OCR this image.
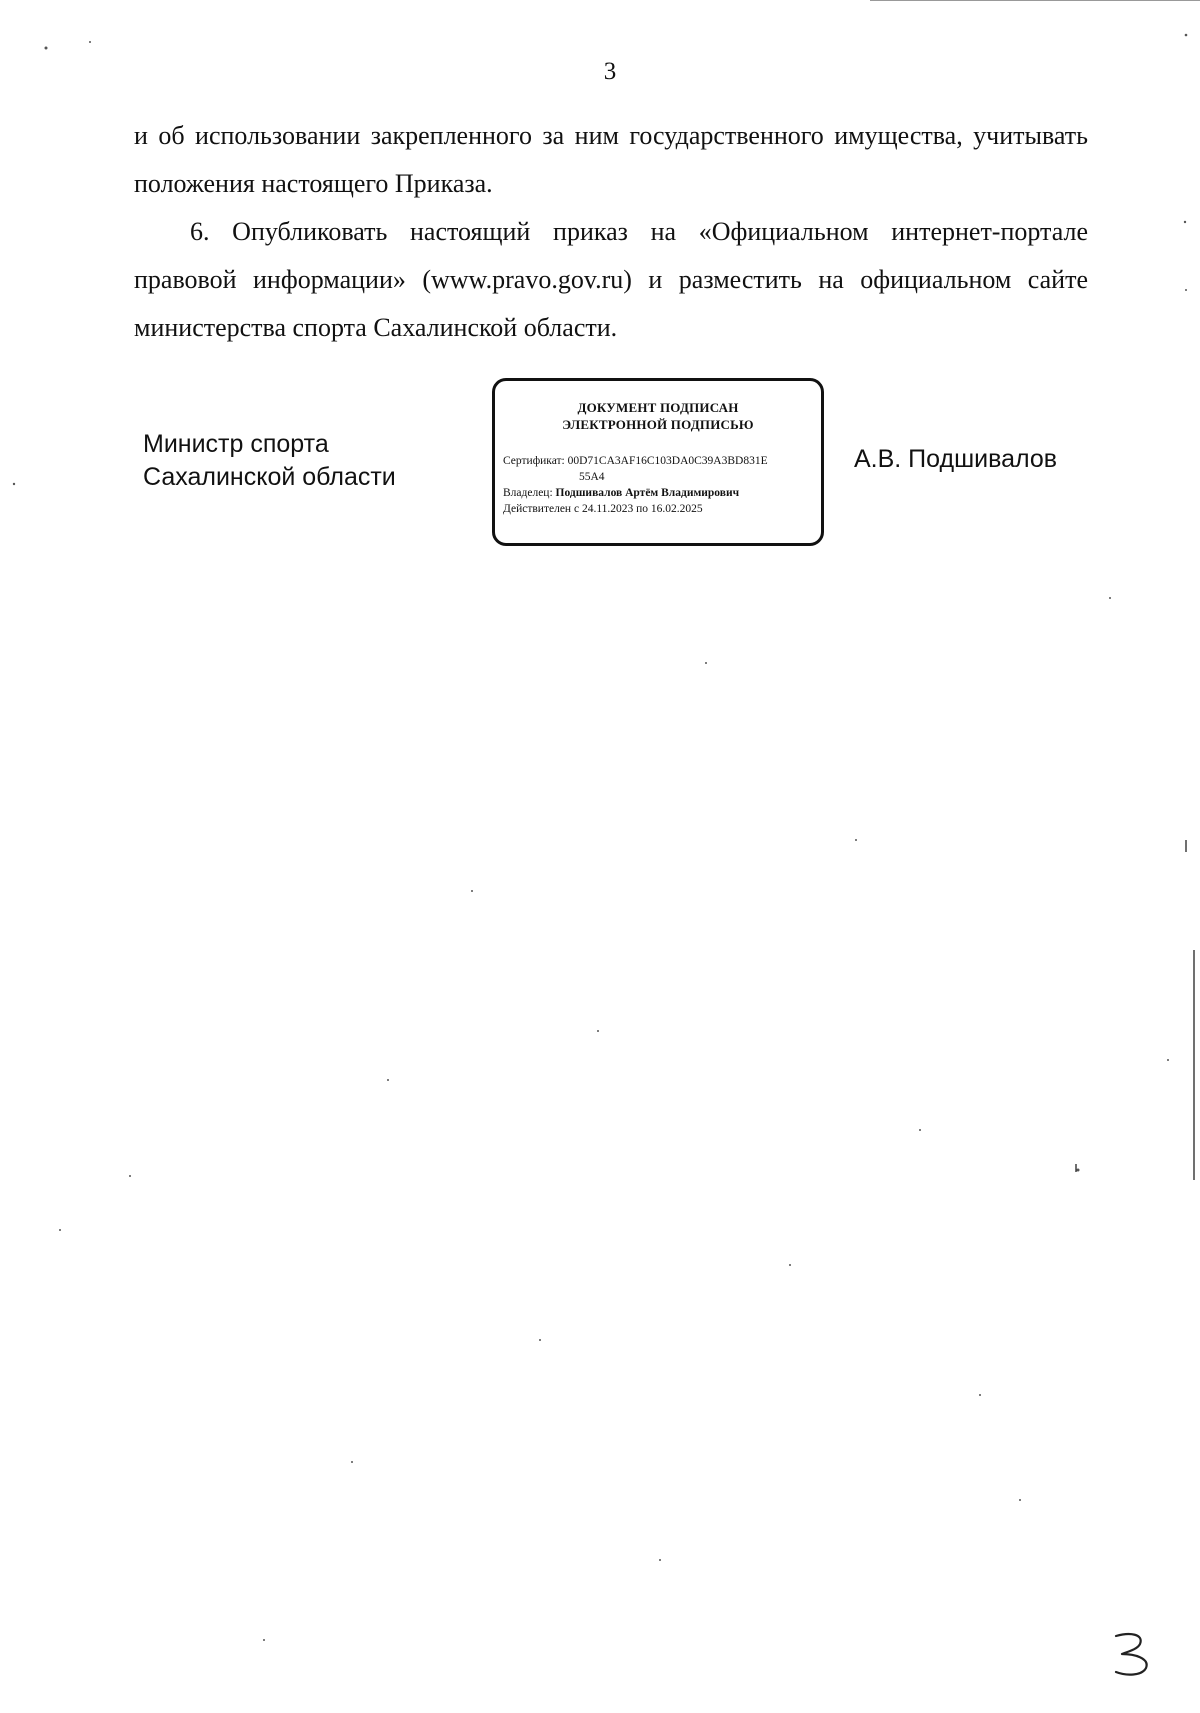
3

и об использовании закрепленного за ним государственного имущества, учитывать положения настоящего Приказа.

6. Опубликовать настоящий приказ на «Официальном интернет-портале правовой информации» (www.pravo.gov.ru) и разместить на официальном сайте министерства спорта Сахалинской области.

Министр спорта
Сахалинской области
ДОКУМЕНТ ПОДПИСАН
ЭЛЕКТРОННОЙ ПОДПИСЬЮ
Сертификат: 00D71CA3AF16C103DA0C39A3BD831E
55A4
Владелец: Подшивалов Артём Владимирович
Действителен с 24.11.2023 по 16.02.2025
А.В. Подшивалов
